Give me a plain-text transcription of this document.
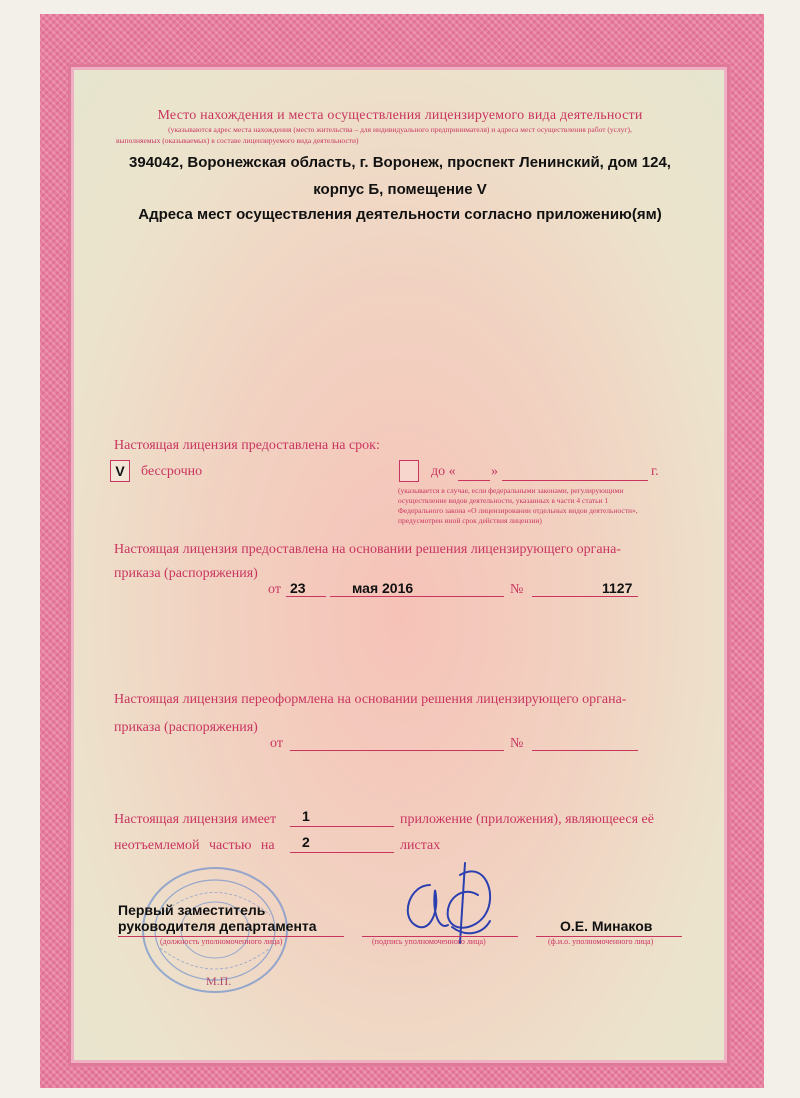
Место нахождения и места осуществления лицензируемого вида деятельности
(указываются адрес места нахождения (место жительства – для индивидуального предпринимателя) и адреса мест осуществления работ (услуг),
выполняемых (оказываемых) в составе лицензируемого вида деятельности)
394042, Воронежская область, г. Воронеж, проспект Ленинский, дом 124,
корпус Б, помещение V
Адреса мест осуществления деятельности согласно приложению(ям)
Настоящая лицензия предоставлена на срок:
V	бессрочно	до «	»	г.
(указывается в случае, если федеральными законами, регулирующими
осуществление видов деятельности, указанных в части 4 статьи 1
Федерального закона «О лицензировании отдельных видов деятельности»,
предусмотрен иной срок действия лицензии)
Настоящая лицензия предоставлена на основании решения лицензирующего органа-
приказа (распоряжения)
от 23	мая 2016	№	1127
Настоящая лицензия переоформлена на основании решения лицензирующего органа-
приказа (распоряжения)
от	№
Настоящая лицензия имеет 1	приложение (приложения), являющееся её
неотъемлемой частью на 2	листах
М.П.
Первый заместитель
руководителя департамента	О.Е. Минаков
(должность уполномоченного лица)	(подпись уполномоченного лица)	(ф.и.о. уполномоченного лица)
